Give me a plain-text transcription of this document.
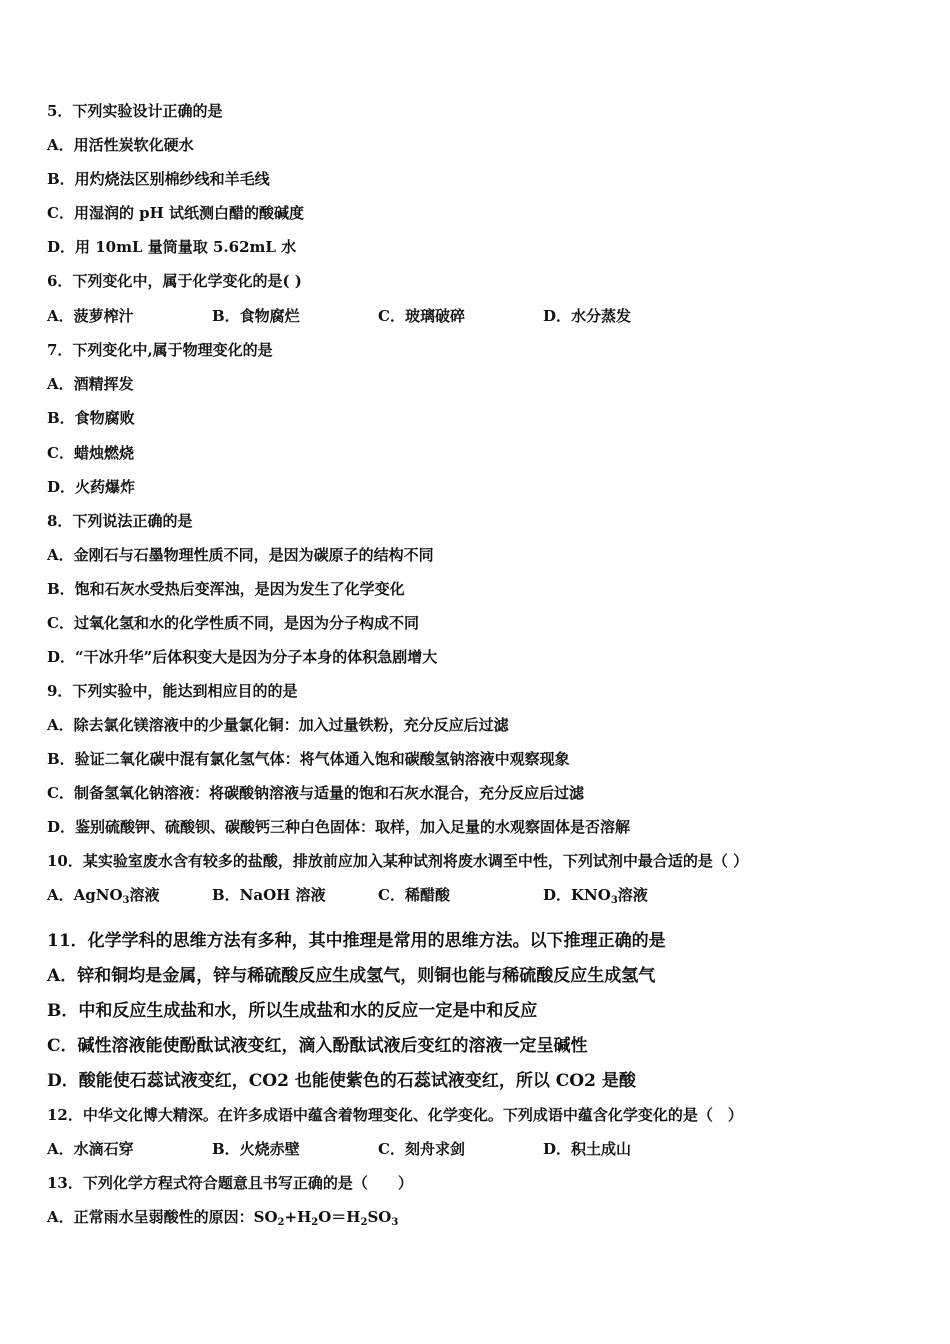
5．下列实验设计正确的是
A．用活性炭软化硬水
B．用灼烧法区别棉纱线和羊毛线
C．用湿润的 pH 试纸测白醋的酸碱度
D．用 10mL 量筒量取 5.62mL 水
6．下列变化中，属于化学变化的是( )
A．菠萝榨汁	B．食物腐烂	C．玻璃破碎	D．水分蒸发
7．下列变化中,属于物理变化的是
A．酒精挥发
B．食物腐败
C．蜡烛燃烧
D．火药爆炸
8．下列说法正确的是
A．金刚石与石墨物理性质不同，是因为碳原子的结构不同
B．饱和石灰水受热后变浑浊，是因为发生了化学变化
C．过氧化氢和水的化学性质不同，是因为分子构成不同
D．“干冰升华”后体积变大是因为分子本身的体积急剧增大
9．下列实验中，能达到相应目的的是
A．除去氯化镁溶液中的少量氯化铜：加入过量铁粉，充分反应后过滤
B．验证二氧化碳中混有氯化氢气体：将气体通入饱和碳酸氢钠溶液中观察现象
C．制备氢氧化钠溶液：将碳酸钠溶液与适量的饱和石灰水混合，充分反应后过滤
D．鉴别硫酸钾、硫酸钡、碳酸钙三种白色固体：取样，加入足量的水观察固体是否溶解
10．某实验室废水含有较多的盐酸，排放前应加入某种试剂将废水调至中性，下列试剂中最合适的是（ ）
A．AgNO$_3$溶液	B．NaOH 溶液	C．稀醋酸	D．$KNO_3$溶液
11．化学学科的思维方法有多种，其中推理是常用的思维方法。以下推理正确的是
A．锌和铜均是金属，锌与稀硫酸反应生成氢气，则铜也能与稀硫酸反应生成氢气
B．中和反应生成盐和水，所以生成盐和水的反应一定是中和反应
C．碱性溶液能使酚酞试液变红，滴入酚酞试液后变红的溶液一定呈碱性
D．酸能使石蕊试液变红，CO2 也能使紫色的石蕊试液变红，所以 CO2 是酸
12．中华文化博大精深。在许多成语中蕴含着物理变化、化学变化。下列成语中蕴含化学变化的是（　）
A．水滴石穿	B．火烧赤壁	C．刻舟求剑	D．积土成山
13．下列化学方程式符合题意且书写正确的是（　　）
A．正常雨水呈弱酸性的原因：$SO_2+H_2O=H_2SO_3$
